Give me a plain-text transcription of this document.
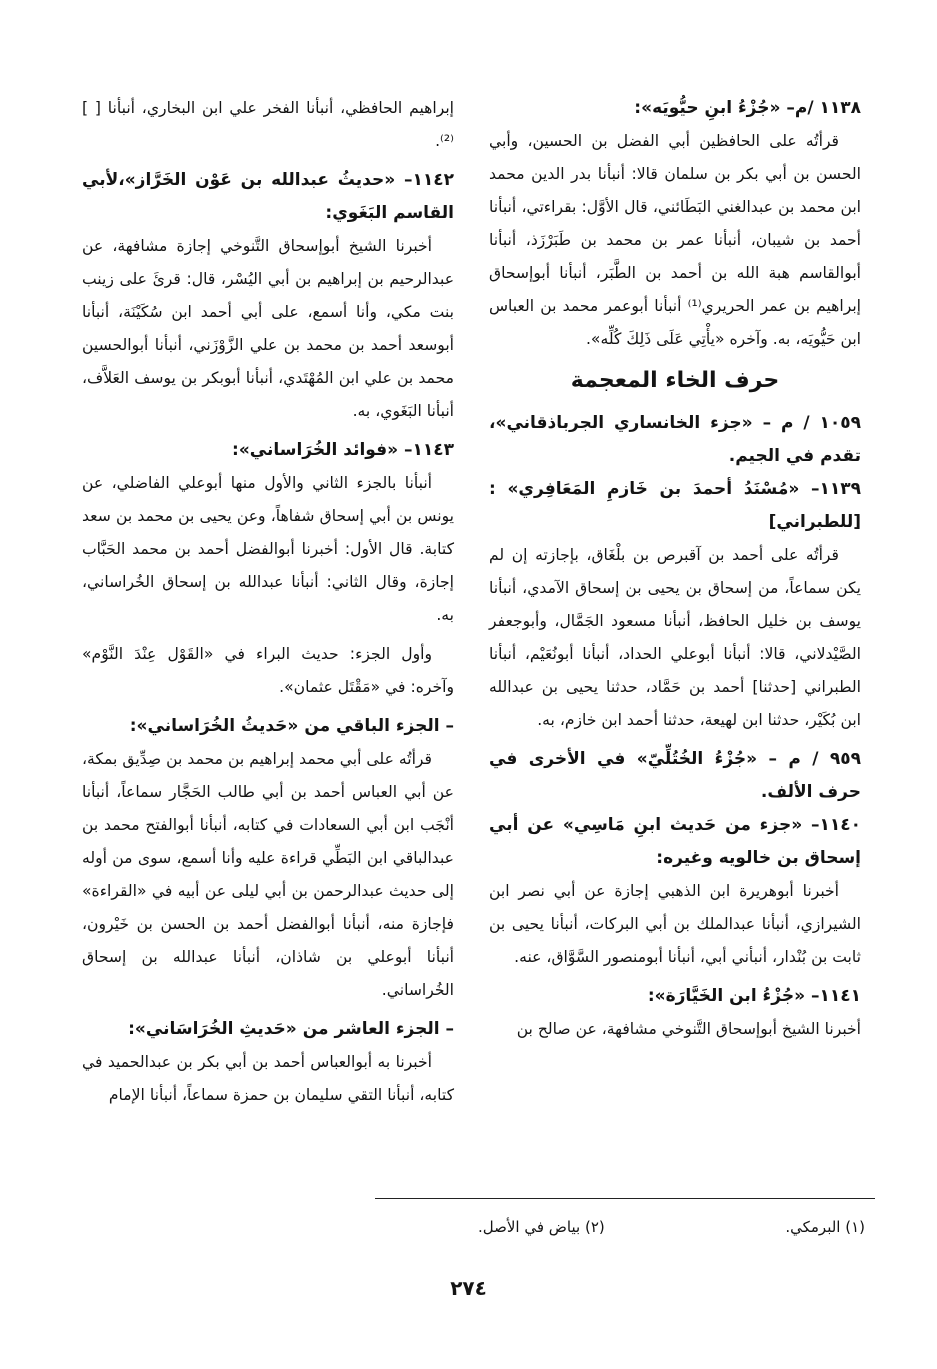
١١٣٨ /م– «جُزْءُ ابنِ حيُّويَه»:

قرأتُه على الحافظين أبي الفضل بن الحسين، وأبي الحسن بن أبي بكر بن سلمان قالا: أنبأنا بدر الدين محمد ابن محمد بن عبدالغني البَطَائني، قال الأوَّل: بقراءتي، أنبأنا أحمد بن شيبان، أنبأنا عمر بن محمد بن طَبَرْزَذ، أنبأنا أبوالقاسم هبة الله بن أحمد بن الطَّبَر، أنبأنا أبوإسحاق إبراهيم بن عمر الحريري⁽¹⁾ أنبأنا أبوعمر محمد بن العباس ابن حَيُّويَه، به. وآخره «يأْتِي عَلَى ذَلِكَ كُلِّه».

حرف الخاء المعجمة

١٠٥٩ / م – «جزء الخانساري الجرباذقاني»، تقدم في الجيم.

١١٣٩– «مُسْنَدُ أحمدَ بن خَازمِ المَعَافِري» : [للطبراني]

قرأتُه على أحمد بن آقبرص بن بلْغَاق، بإجازته إن لم يكن سماعاً، من إسحاق بن يحيى بن إسحاق الآمدي، أنبأنا يوسف بن خليل الحافظ، أنبأنا مسعود الجَمَّال، وأبوجعفر الصَّيْدلاني، قالا: أنبأنا أبوعلي الحداد، أنبأنا أبونُعَيْم، أنبأنا الطبراني [حدثنا] أحمد بن حَمَّاد، حدثنا يحيى بن عبدالله ابن بُكَيْر، حدثنا ابن لهيعة، حدثنا أحمد ابن خازم، به.

٩٥٩ / م – «جُزْءُ الخُتُلِّيّ» في الأخرى في حرف الألف.

١١٤٠– «جزء من حَديث ابنِ مَاسِي» عن أبي إسحاق بن خالويه وغيره:

أخبرنا أبوهريرة ابن الذهبي إجازة عن أبي نصر ابن الشيرازي، أنبأنا عبدالملك بن أبي البركات، أنبأنا يحيى بن ثابت بن بُنْدار، أنبأني أبي، أنبأنا أبومنصور السَّوَّاق، عنه.

١١٤١– «جُزْءُ ابن الخَيَّارَة»:

أخبرنا الشيخ أبوإسحاق التَّنوخي مشافهة، عن صالح بن

إبراهيم الحافظي، أنبأنا الفخر علي ابن البخاري، أنبأنا [ ]⁽²⁾.

١١٤٢– «حديثُ عبدالله بن عَوْن الخَرَّاز»،لأبي القاسم البَغَوي:

أخبرنا الشيخ أبوإسحاق التَّنوخي إجازة مشافهة، عن عبدالرحيم بن إبراهيم بن أبي اليُسْر، قال: قرئَ على زينب بنت مكي، وأنا أسمع، على أبي أحمد ابن سُكَيْنَة، أنبأنا أبوسعد أحمد بن محمد بن علي الزَّوْزَني، أنبأنا أبوالحسين محمد بن علي ابن المُهْتَدي، أنبأنا أبوبكر بن يوسف العَلاَّف، أنبأنا البَغَوي، به.

١١٤٣– «فوائد الخُرَاساني»:

أنبأنا بالجزء الثاني والأول منها أبوعلي الفاضلي، عن يونس بن أبي إسحاق شفاهاً، وعن يحيى بن محمد بن سعد كتابة. قال الأول: أخبرنا أبوالفضل أحمد بن محمد الحَبَّاب إجازة، وقال الثاني: أنبأنا عبدالله بن إسحاق الخُراساني، به.

وأول الجزء: حديث البراء في «القَوْل عِنْدَ النَّوْم» وآخره: في «مَقْتَل عثمان».

– الجزء الباقي من «حَديثُ الخُرَاساني»:

قرأتُه على أبي محمد إبراهيم بن محمد بن صِدِّيق بمكة، عن أبي العباس أحمد بن أبي طالب الحَجَّار سماعاً، أنبأنا أنْجَب ابن أبي السعادات في كتابه، أنبأنا أبوالفتح محمد بن عبدالباقي ابن البَطِّي قراءة عليه وأنا أسمع، سوى من أوله إلى حديث عبدالرحمن بن أبي ليلى عن أبيه في «القراءة» فإجازة منه، أنبأنا أبوالفضل أحمد بن الحسن بن خَيْرون، أنبأنا أبوعلي بن شاذان، أنبأنا عبدالله بن إسحاق الخُراساني.

– الجزء العاشر من «حَديثِ الخُرَاسَاني»:

أخبرنا به أبوالعباس أحمد بن أبي بكر بن عبدالحميد في كتابه، أنبأنا التقي سليمان بن حمزة سماعاً، أنبأنا الإمام

(١) البرمكي.
(٢) بياض في الأصل.
٢٧٤
